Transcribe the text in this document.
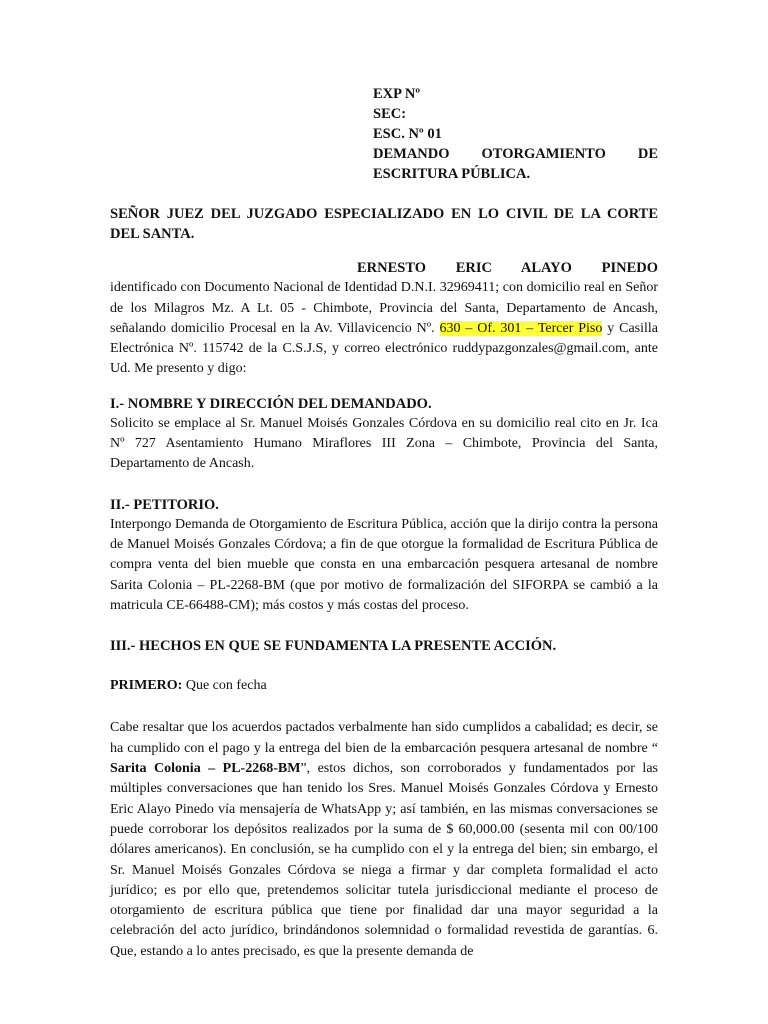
EXP Nº
SEC:
ESC. Nº 01
DEMANDO OTORGAMIENTO DE
ESCRITURA PÚBLICA.

SEÑOR JUEZ DEL JUZGADO ESPECIALIZADO EN LO CIVIL DE LA CORTE DEL SANTA.

ERNESTO ERIC ALAYO PINEDO

identificado con Documento Nacional de Identidad D.N.I. 32969411; con domicilio real en Señor de los Milagros Mz. A Lt. 05 - Chimbote, Provincia del Santa, Departamento de Ancash, señalando domicilio Procesal en la Av. Villavicencio Nº. 630 – Of. 301 – Tercer Piso y Casilla Electrónica Nº. 115742 de la C.S.J.S, y correo electrónico ruddypazgonzales@gmail.com, ante Ud. Me presento y digo:

I.- NOMBRE Y DIRECCIÓN DEL DEMANDADO.

Solicito se emplace al Sr. Manuel Moisés Gonzales Córdova en su domicilio real cito en Jr. Ica Nº 727 Asentamiento Humano Miraflores III Zona – Chimbote, Provincia del Santa, Departamento de Ancash.

II.- PETITORIO.

Interpongo Demanda de Otorgamiento de Escritura Pública, acción que la dirijo contra la persona de Manuel Moisés Gonzales Córdova; a fin de que otorgue la formalidad de Escritura Pública de compra venta del bien mueble que consta en una embarcación pesquera artesanal de nombre Sarita Colonia – PL-2268-BM (que por motivo de formalización del SIFORPA se cambió a la matricula CE-66488-CM); más costos y más costas del proceso.

III.- HECHOS EN QUE SE FUNDAMENTA LA PRESENTE ACCIÓN.

PRIMERO: Que con fecha

Cabe resaltar que los acuerdos pactados verbalmente han sido cumplidos a cabalidad; es decir, se ha cumplido con el pago y la entrega del bien de la embarcación pesquera artesanal de nombre “ Sarita Colonia – PL-2268-BM”, estos dichos, son corroborados y fundamentados por las múltiples conversaciones que han tenido los Sres. Manuel Moisés Gonzales Córdova y Ernesto Eric Alayo Pinedo vía mensajería de WhatsApp y; así también, en las mismas conversaciones se puede corroborar los depósitos realizados por la suma de $ 60,000.00 (sesenta mil con 00/100 dólares americanos). En conclusión, se ha cumplido con el y la entrega del bien; sin embargo, el Sr. Manuel Moisés Gonzales Córdova se niega a firmar y dar completa formalidad el acto jurídico; es por ello que, pretendemos solicitar tutela jurisdiccional mediante el proceso de otorgamiento de escritura pública que tiene por finalidad dar una mayor seguridad a la celebración del acto jurídico, brindándonos solemnidad o formalidad revestida de garantías. 6. Que, estando a lo antes precisado, es que la presente demanda de
